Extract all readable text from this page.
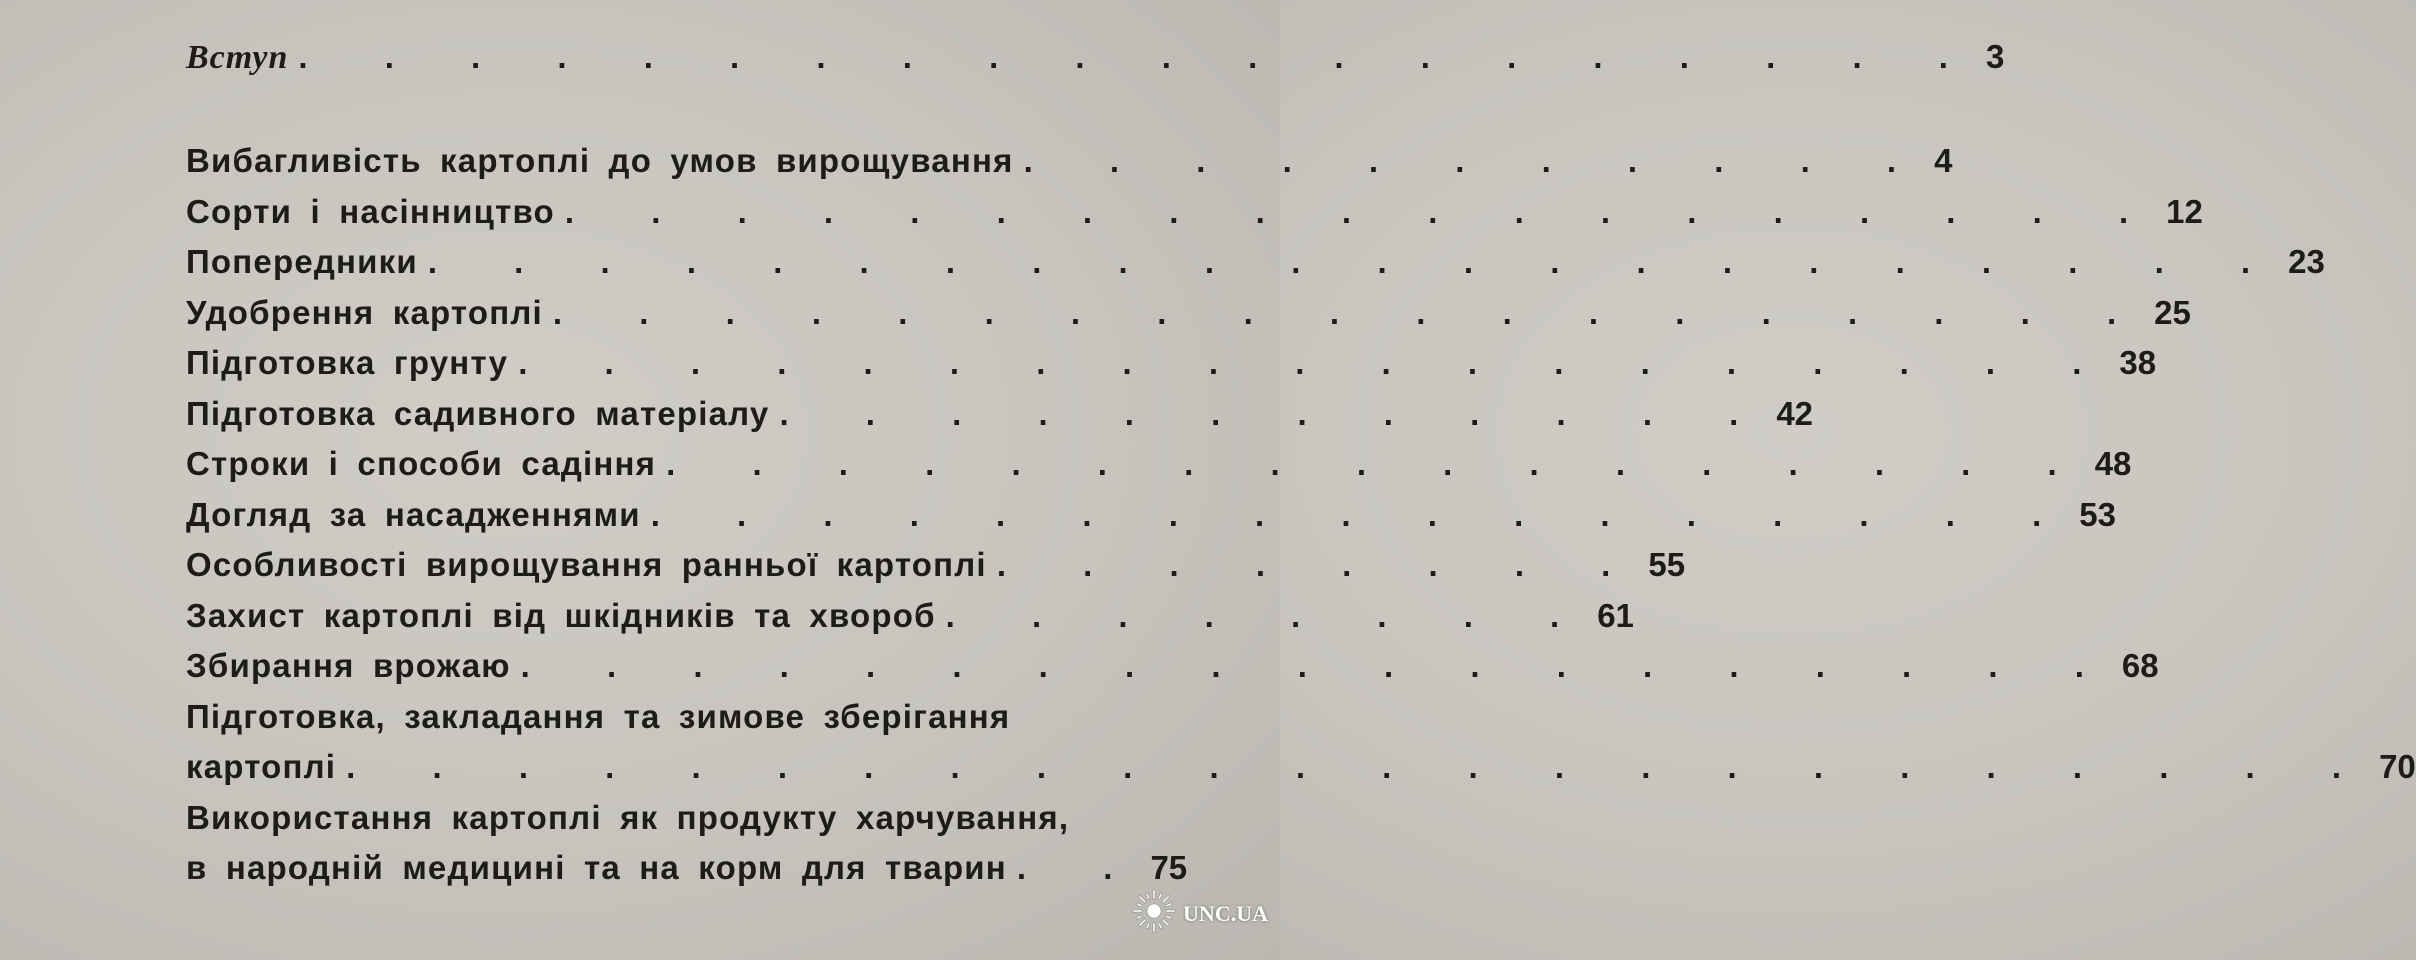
Вступ . . . . . . . . . . . . . . . . . . . . 3
Вибагливість картоплі до умов вирощування . . . . . . . . . . . 4
Сорти і насінництво . . . . . . . . . . . . . . . . . . . 12
Попередники . . . . . . . . . . . . . . . . . . . . . . 23
Удобрення картоплі . . . . . . . . . . . . . . . . . . . 25
Підготовка грунту . . . . . . . . . . . . . . . . . . . 38
Підготовка садивного матеріалу . . . . . . . . . . . . 42
Строки і способи садіння . . . . . . . . . . . . . . . . . 48
Догляд за насадженнями . . . . . . . . . . . . . . . . . 53
Особливості вирощування ранньої картоплі . . . . . . . . 55
Захист картоплі від шкідників та хвороб . . . . . . . . 61
Збирання врожаю . . . . . . . . . . . . . . . . . . . 68
Підготовка, закладання та зимове зберігання
картоплі . . . . . . . . . . . . . . . . . . . . . . . . 70
Використання картоплі як продукту харчування,
в народній медицині та на корм для тварин . . 75
UNC.UA
